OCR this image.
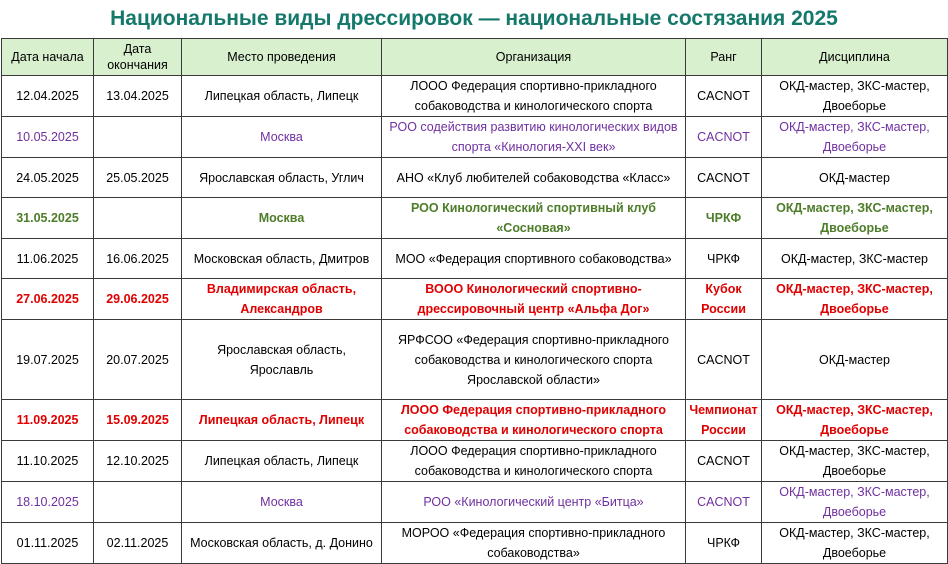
Национальные виды дрессировок — национальные состязания 2025
Дата начала	Дата окончания	Место проведения	Организация	Ранг	Дисциплина
12.04.2025	13.04.2025	Липецкая область, Липецк	ЛООО Федерация спортивно-прикладного собаководства и кинологического спорта	CACNOT	ОКД-мастер, ЗКС-мастер, Двоеборье
10.05.2025		Москва	РОО содействия развитию кинологических видов спорта «Кинология-XXI век»	CACNOT	ОКД-мастер, ЗКС-мастер, Двоеборье
24.05.2025	25.05.2025	Ярославская область, Углич	АНО «Клуб любителей собаководства «Класс»	CACNOT	ОКД-мастер
31.05.2025		Москва	РОО Кинологический спортивный клуб «Сосновая»	ЧРКФ	ОКД-мастер, ЗКС-мастер, Двоеборье
11.06.2025	16.06.2025	Московская область, Дмитров	МОО «Федерация спортивного собаководства»	ЧРКФ	ОКД-мастер, ЗКС-мастер
27.06.2025	29.06.2025	Владимирская область, Александров	ВООО Кинологический спортивно-дрессировочный центр «Альфа Дог»	Кубок России	ОКД-мастер, ЗКС-мастер, Двоеборье
19.07.2025	20.07.2025	Ярославская область, Ярославль	ЯРФСОО «Федерация спортивно-прикладного собаководства и кинологического спорта Ярославской области»	CACNOT	ОКД-мастер
11.09.2025	15.09.2025	Липецкая область, Липецк	ЛООО Федерация спортивно-прикладного собаководства и кинологического спорта	Чемпионат России	ОКД-мастер, ЗКС-мастер, Двоеборье
11.10.2025	12.10.2025	Липецкая область, Липецк	ЛООО Федерация спортивно-прикладного собаководства и кинологического спорта	CACNOT	ОКД-мастер, ЗКС-мастер, Двоеборье
18.10.2025		Москва	РОО «Кинологический центр «Битца»	CACNOT	ОКД-мастер, ЗКС-мастер, Двоеборье
01.11.2025	02.11.2025	Московская область, д. Донино	МОРОО «Федерация спортивно-прикладного собаководства»	ЧРКФ	ОКД-мастер, ЗКС-мастер, Двоеборье
